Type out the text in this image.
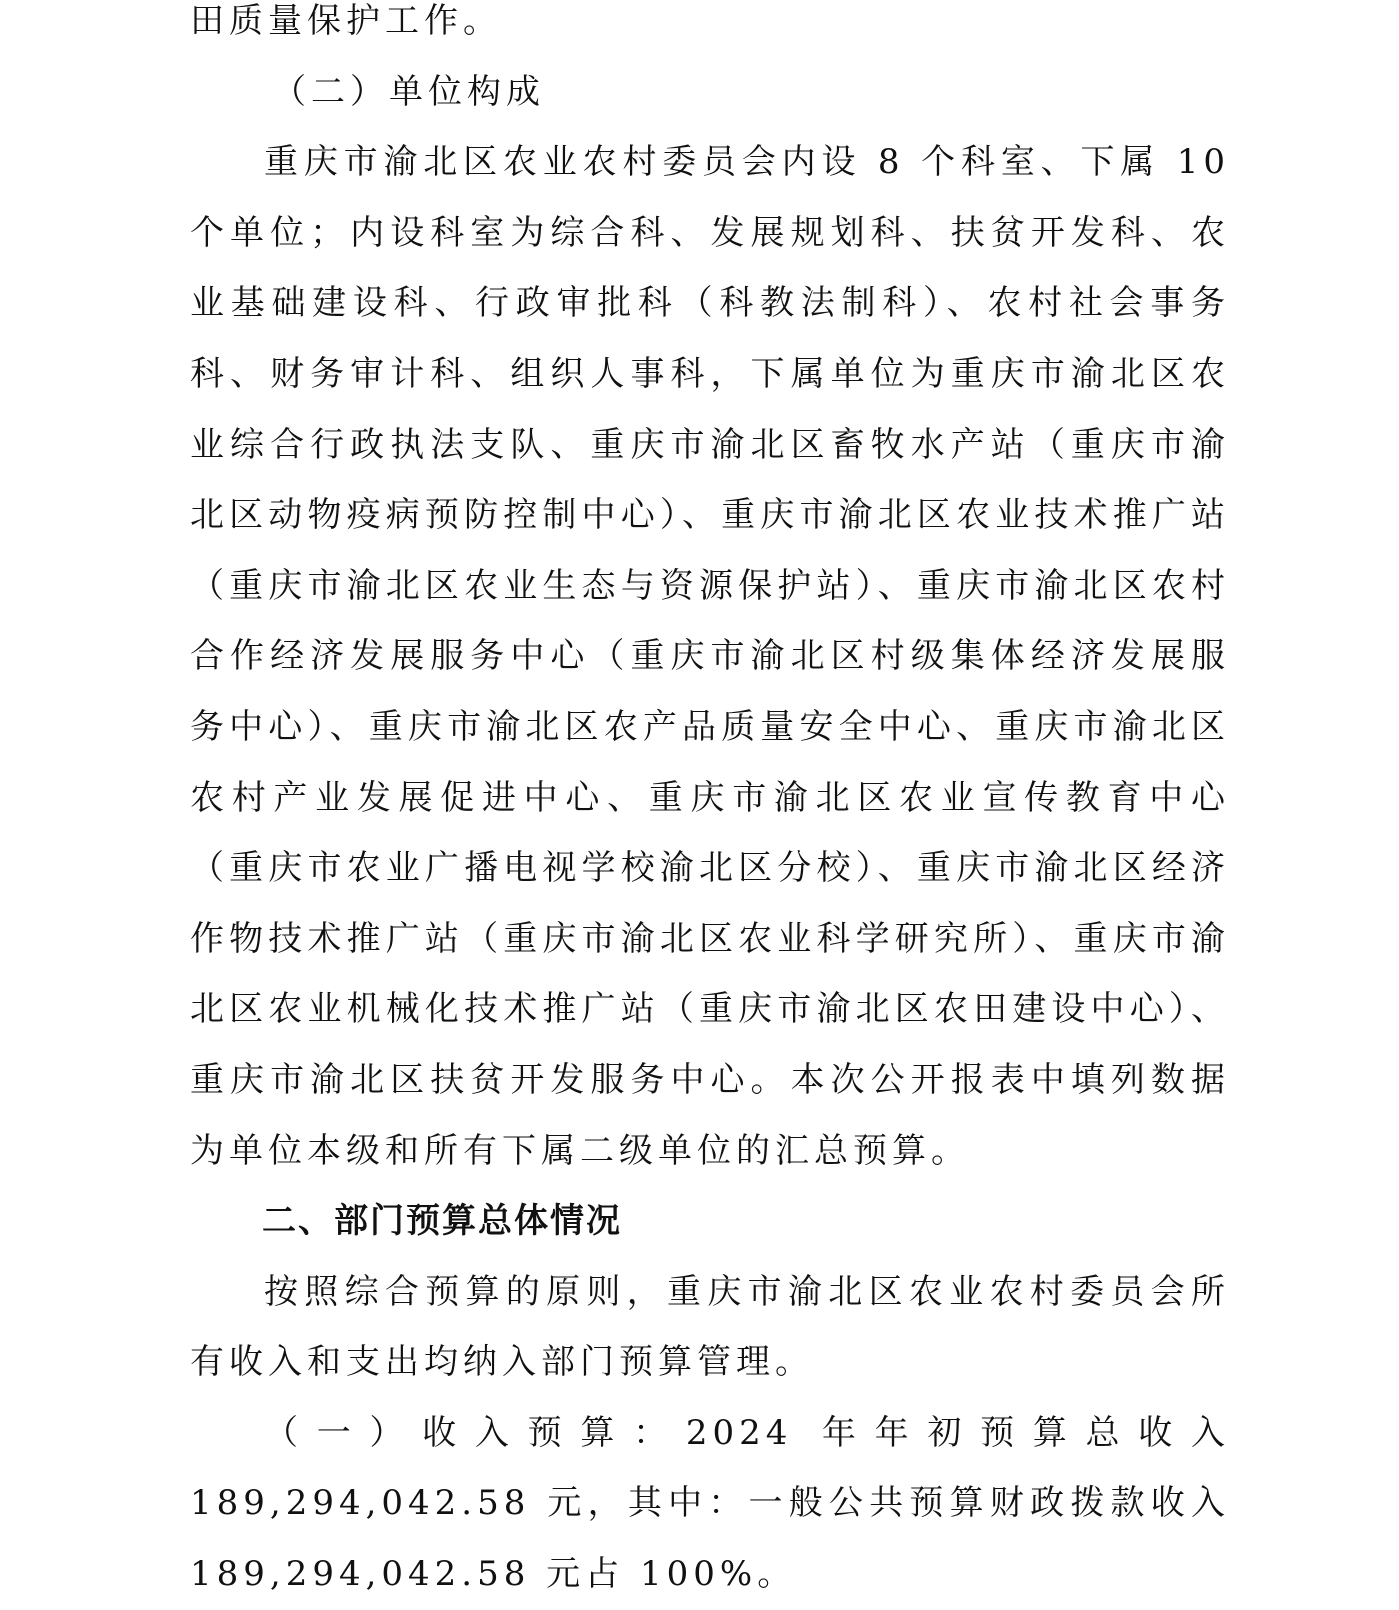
田质量保护工作。

（二）单位构成

重庆市渝北区农业农村委员会内设 8 个科室、下属 10 个单位；内设科室为综合科、发展规划科、扶贫开发科、农业基础建设科、行政审批科（科教法制科）、农村社会事务科、财务审计科、组织人事科，下属单位为重庆市渝北区农业综合行政执法支队、重庆市渝北区畜牧水产站（重庆市渝北区动物疫病预防控制中心）、重庆市渝北区农业技术推广站（重庆市渝北区农业生态与资源保护站）、重庆市渝北区农村合作经济发展服务中心（重庆市渝北区村级集体经济发展服务中心）、重庆市渝北区农产品质量安全中心、重庆市渝北区农村产业发展促进中心、重庆市渝北区农业宣传教育中心（重庆市农业广播电视学校渝北区分校）、重庆市渝北区经济作物技术推广站（重庆市渝北区农业科学研究所）、重庆市渝北区农业机械化技术推广站（重庆市渝北区农田建设中心）、重庆市渝北区扶贫开发服务中心。本次公开报表中填列数据为单位本级和所有下属二级单位的汇总预算。

二、部门预算总体情况

按照综合预算的原则，重庆市渝北区农业农村委员会所有收入和支出均纳入部门预算管理。

（一）收入预算：2024 年年初预算总收入 189,294,042.58 元，其中：一般公共预算财政拨款收入 189,294,042.58 元占 100%。
